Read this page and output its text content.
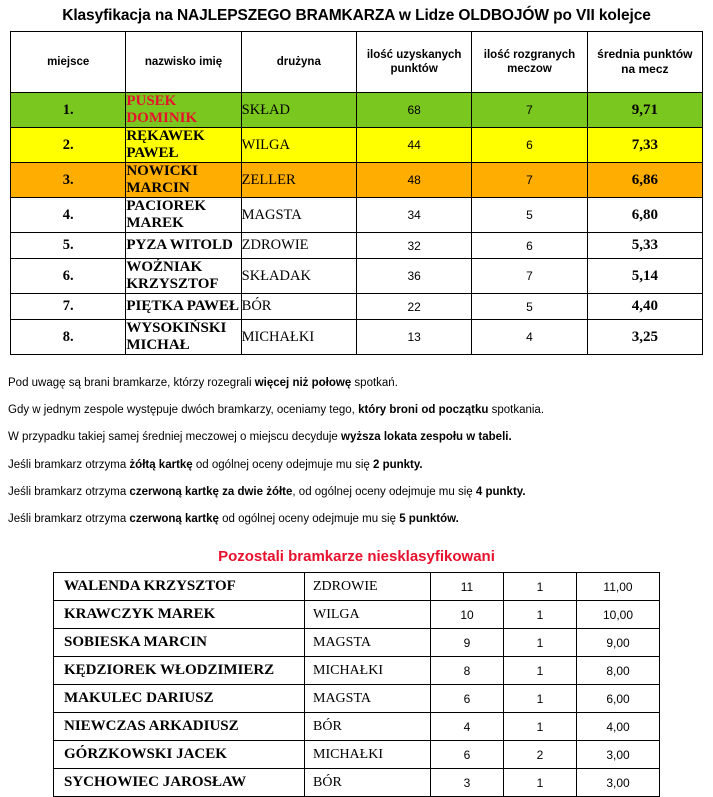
Klasyfikacja na NAJLEPSZEGO BRAMKARZA w Lidze OLDBOJÓW po VII kolejce
miejsce	nazwisko imię	drużyna	ilość uzyskanych punktów	ilość rozgranych meczow	średnia punktów na mecz
1.	PUSEK DOMINIK	SKŁAD	68	7	9,71
2.	RĘKAWEK PAWEŁ	WILGA	44	6	7,33
3.	NOWICKI MARCIN	ZELLER	48	7	6,86
4.	PACIOREK MAREK	MAGSTA	34	5	6,80
5.	PYZA WITOLD	ZDROWIE	32	6	5,33
6.	WOŹNIAK KRZYSZTOF	SKŁADAK	36	7	5,14
7.	PIĘTKA PAWEŁ	BÓR	22	5	4,40
8.	WYSOKIŃSKI MICHAŁ	MICHAŁKI	13	4	3,25

Pod uwagę są brani bramkarze, którzy rozegrali więcej niż połowę spotkań.

Gdy w jednym zespole występuje dwóch bramkarzy, oceniamy tego, który broni od początku spotkania.

W przypadku takiej samej średniej meczowej o miejscu decyduje wyższa lokata zespołu w tabeli.

Jeśli bramkarz otrzyma żółtą kartkę od ogólnej oceny odejmuje mu się 2 punkty.

Jeśli bramkarz otrzyma czerwoną kartkę za dwie żółte, od ogólnej oceny odejmuje mu się 4 punkty.

Jeśli bramkarz otrzyma czerwoną kartkę od ogólnej oceny odejmuje mu się 5 punktów.

Pozostali bramkarze niesklasyfikowani
WALENDA KRZYSZTOF	ZDROWIE	11	1	11,00
KRAWCZYK MAREK	WILGA	10	1	10,00
SOBIESKA MARCIN	MAGSTA	9	1	9,00
KĘDZIOREK WŁODZIMIERZ	MICHAŁKI	8	1	8,00
MAKULEC DARIUSZ	MAGSTA	6	1	6,00
NIEWCZAS ARKADIUSZ	BÓR	4	1	4,00
GÓRZKOWSKI JACEK	MICHAŁKI	6	2	3,00
SYCHOWIEC JAROSŁAW	BÓR	3	1	3,00
